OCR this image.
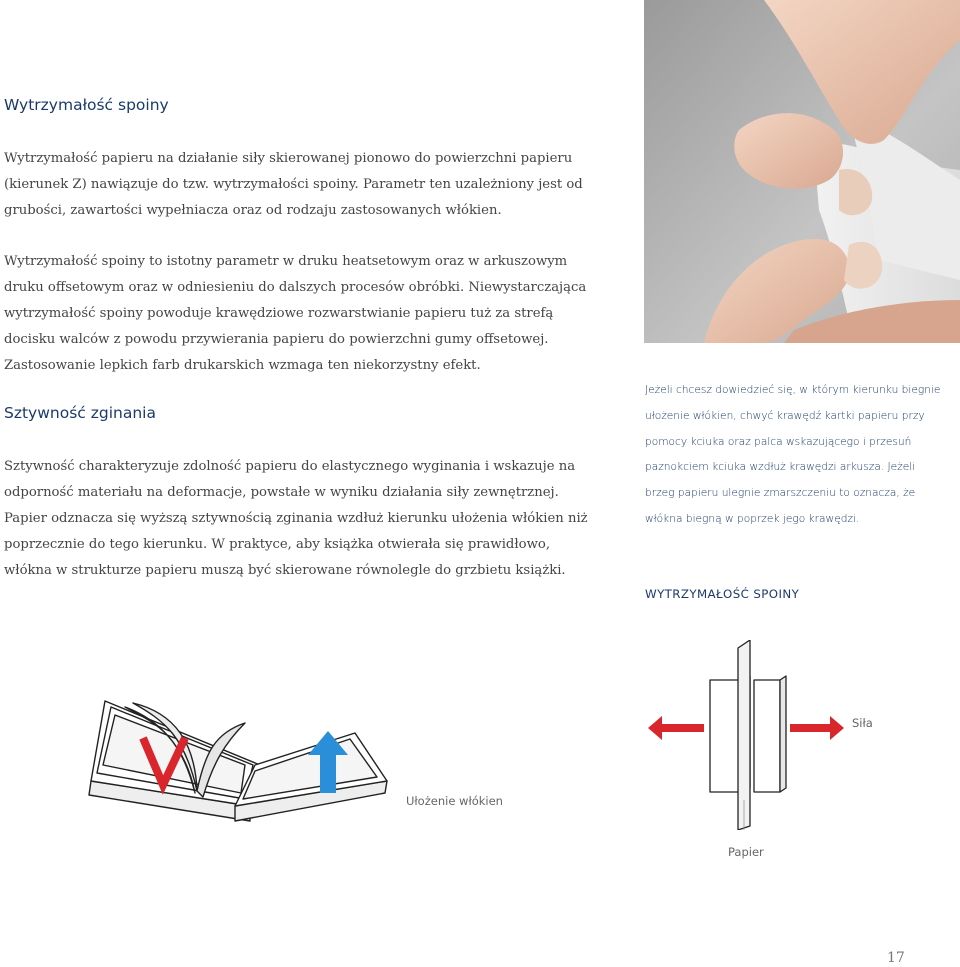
Wytrzymałość spoiny

Wytrzymałość papieru na działanie siły skierowanej pionowo do powierzchni papieru (kierunek Z) nawiązuje do tzw. wytrzymałości spoiny. Parametr ten uzależniony jest od grubości, zawartości wypełniacza oraz od rodzaju zastosowanych włókien.

Wytrzymałość spoiny to istotny parametr w druku heatsetowym oraz w arkuszowym druku offsetowym oraz w odniesieniu do dalszych procesów obróbki. Niewystarczająca wytrzymałość spoiny powoduje krawędziowe rozwarstwianie papieru tuż za strefą docisku walców z powodu przywierania papieru do powierzchni gumy offsetowej. Zastosowanie lepkich farb drukarskich wzmaga ten niekorzystny efekt.

Sztywność zginania

Sztywność charakteryzuje zdolność papieru do elastycznego wyginania i wskazuje na odporność materiału na deformacje, powstałe w wyniku działania siły zewnętrznej. Papier odznacza się wyższą sztywnością zginania wzdłuż kierunku ułożenia włókien niż poprzecznie do tego kierunku. W praktyce, aby książka otwierała się prawidłowo, włókna w strukturze papieru muszą być skierowane równolegle do grzbietu książki.

Jeżeli chcesz dowiedzieć się, w którym kierunku biegnie ułożenie włókien, chwyć krawędź kartki papieru przy pomocy kciuka oraz palca wskazującego i przesuń paznokciem kciuka wzdłuż krawędzi arkusza. Jeżeli brzeg papieru ulegnie zmarszczeniu to oznacza, że włókna biegną w poprzek jego krawędzi.

WYTRZYMAŁOŚĆ SPOINY

Ułożenie włókien

Siła

Papier

17
